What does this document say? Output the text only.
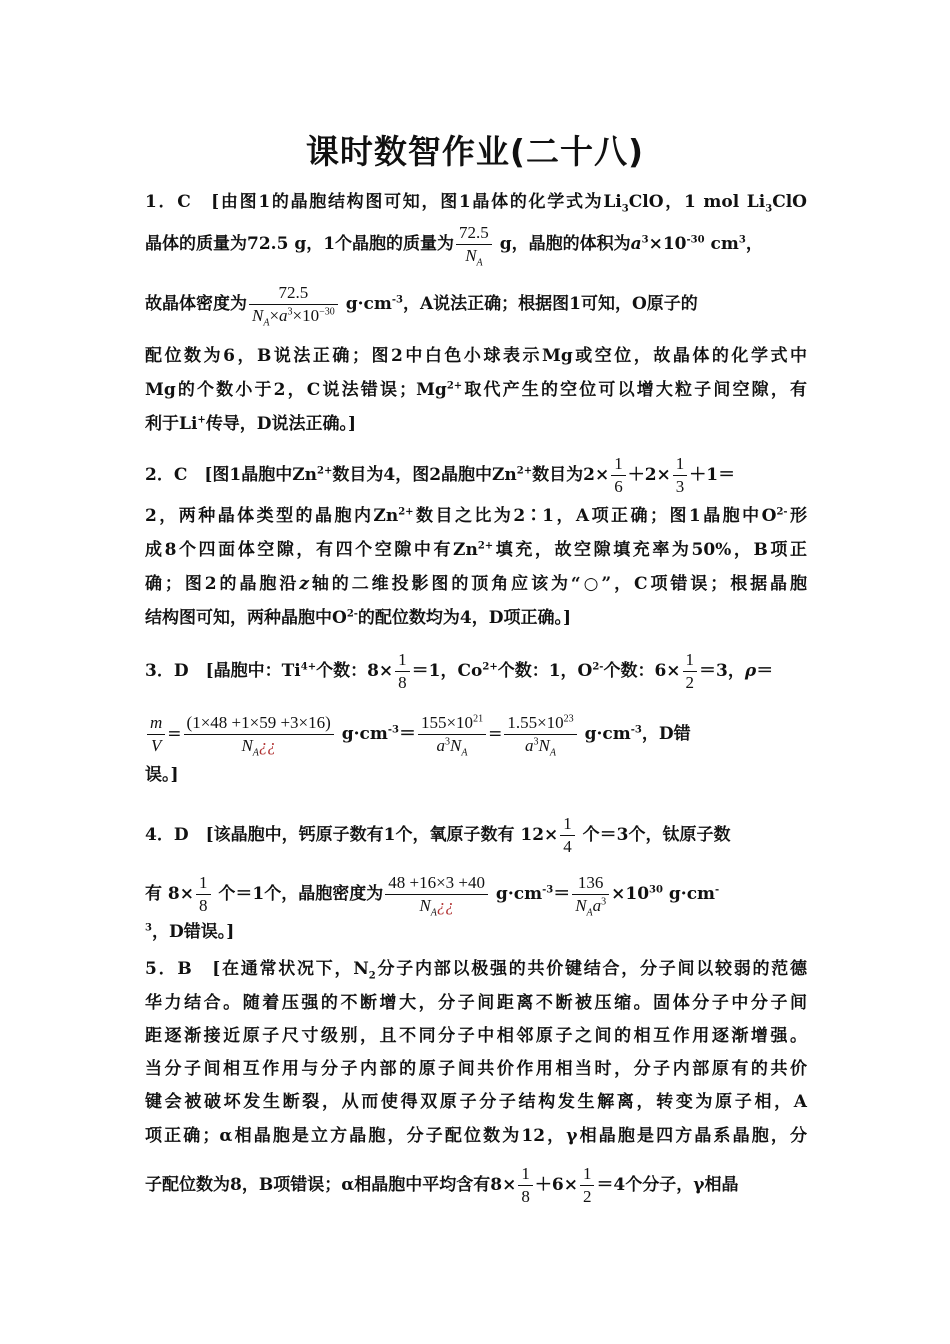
课时数智作业(二十八)
1．C　[由图1的晶胞结构图可知，图1晶体的化学式为$Li_3ClO$，1 mol $Li_3ClO$
晶体的质量为72.5 g，1个晶胞的质量为 $\frac{72.5}{N_A}$ g，晶胞的体积为$a^3\times 10^{-30}$ $cm^3$，
故晶体密度为 $\frac{72.5}{N_A\times a^3\times 10^{-30}} g\cdot cm^{-3}$，A说法正确；根据图1可知，O原子的
配位数为6，B说法正确；图2中白色小球表示Mg或空位，故晶体的化学式中
Mg的个数小于2，C说法错误；$Mg^{2+}$取代产生的空位可以增大粒子间空隙，有
利于Li+传导，D说法正确。]
2．C　[图1晶胞中$Zn^{2+}$数目为4，图2晶胞中$Zn^{2+}$数目为$2\times \frac{1}{6} +2\times \frac{1}{3} +1=$
2，两种晶体类型的晶胞内$Zn^{2+}$数目之比为2∶1，A项正确；图1晶胞中$O^{2-}$形
成8个四面体空隙，有四个空隙中有$Zn^{2+}$填充，故空隙填充率为50%，B项正
确；图2的晶胞沿z轴的二维投影图的顶角应该为“○”，C项错误；根据晶胞
结构图可知，两种晶胞中$O^{2-}$的配位数均为4，D项正确。]
3．D　[晶胞中：$Ti^{4+}$个数：$8\times \frac{1}{8} =1$，$Co^{2+}$个数：1，$O^{2-}$个数：$6\times \frac{1}{2} =3$，ρ＝
$\frac{m}{V} = \frac{(1\times 48 +1\times 59 +3\times 16)}{N_A¿¿} g\cdot cm^{-3}= \frac{155\times 10^{21}}{a^3N_A} = \frac{1.55\times 10^{23}}{a^3N_A} g\cdot cm^{-3}$，D错
误。]
4．D　[该晶胞中，钙原子数有1个，氧原子数有 $12\times \frac{1}{4}$ 个＝3个，钛原子数
有 $8\times \frac{1}{8}$ 个＝1个，晶胞密度为 $\frac{48 +16\times 3 +40}{N_A¿¿} g\cdot cm^{-3}= \frac{136}{N_Aa^3} \times 10^{30}$ g·cm-
$^3$，D错误。]
5．B　[在通常状况下，$N_2$分子内部以极强的共价键结合，分子间以较弱的范德
华力结合。随着压强的不断增大，分子间距离不断被压缩。固体分子中分子间
距逐渐接近原子尺寸级别，且不同分子中相邻原子之间的相互作用逐渐增强。
当分子间相互作用与分子内部的原子间共价作用相当时，分子内部原有的共价
键会被破坏发生断裂，从而使得双原子分子结构发生解离，转变为原子相，A
项正确；α相晶胞是立方晶胞，分子配位数为12，γ相晶胞是四方晶系晶胞，分
子配位数为8，B项错误；α相晶胞中平均含有$8\times \frac{1}{8} +6\times \frac{1}{2} =4$个分子，γ相晶
